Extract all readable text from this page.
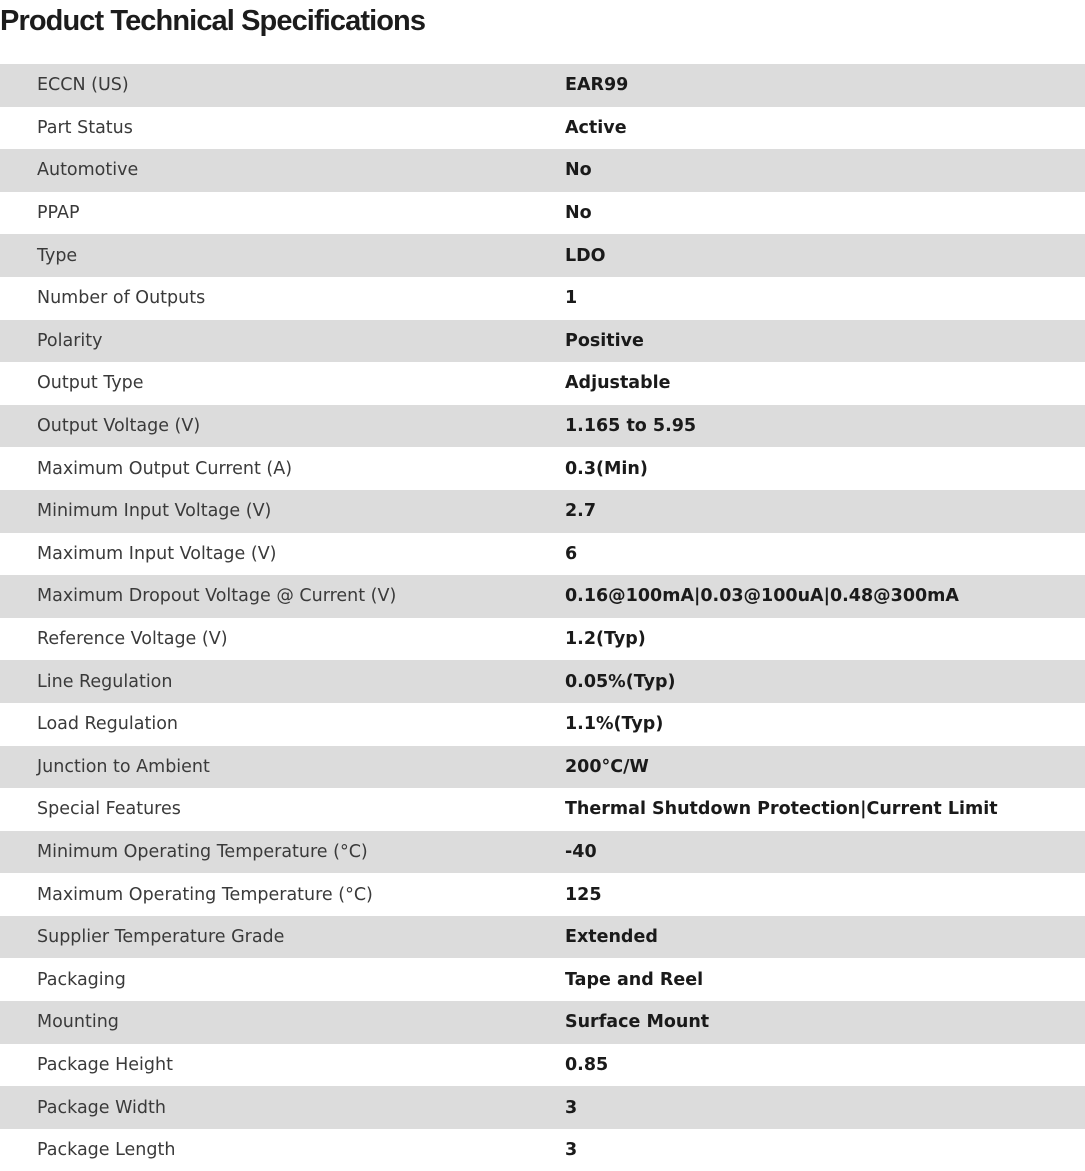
Product Technical Specifications
ECCN (US)	EAR99
Part Status	Active
Automotive	No
PPAP	No
Type	LDO
Number of Outputs	1
Polarity	Positive
Output Type	Adjustable
Output Voltage (V)	1.165 to 5.95
Maximum Output Current (A)	0.3(Min)
Minimum Input Voltage (V)	2.7
Maximum Input Voltage (V)	6
Maximum Dropout Voltage @ Current (V)	0.16@100mA|0.03@100uA|0.48@300mA
Reference Voltage (V)	1.2(Typ)
Line Regulation	0.05%(Typ)
Load Regulation	1.1%(Typ)
Junction to Ambient	200°C/W
Special Features	Thermal Shutdown Protection|Current Limit
Minimum Operating Temperature (°C)	-40
Maximum Operating Temperature (°C)	125
Supplier Temperature Grade	Extended
Packaging	Tape and Reel
Mounting	Surface Mount
Package Height	0.85
Package Width	3
Package Length	3
